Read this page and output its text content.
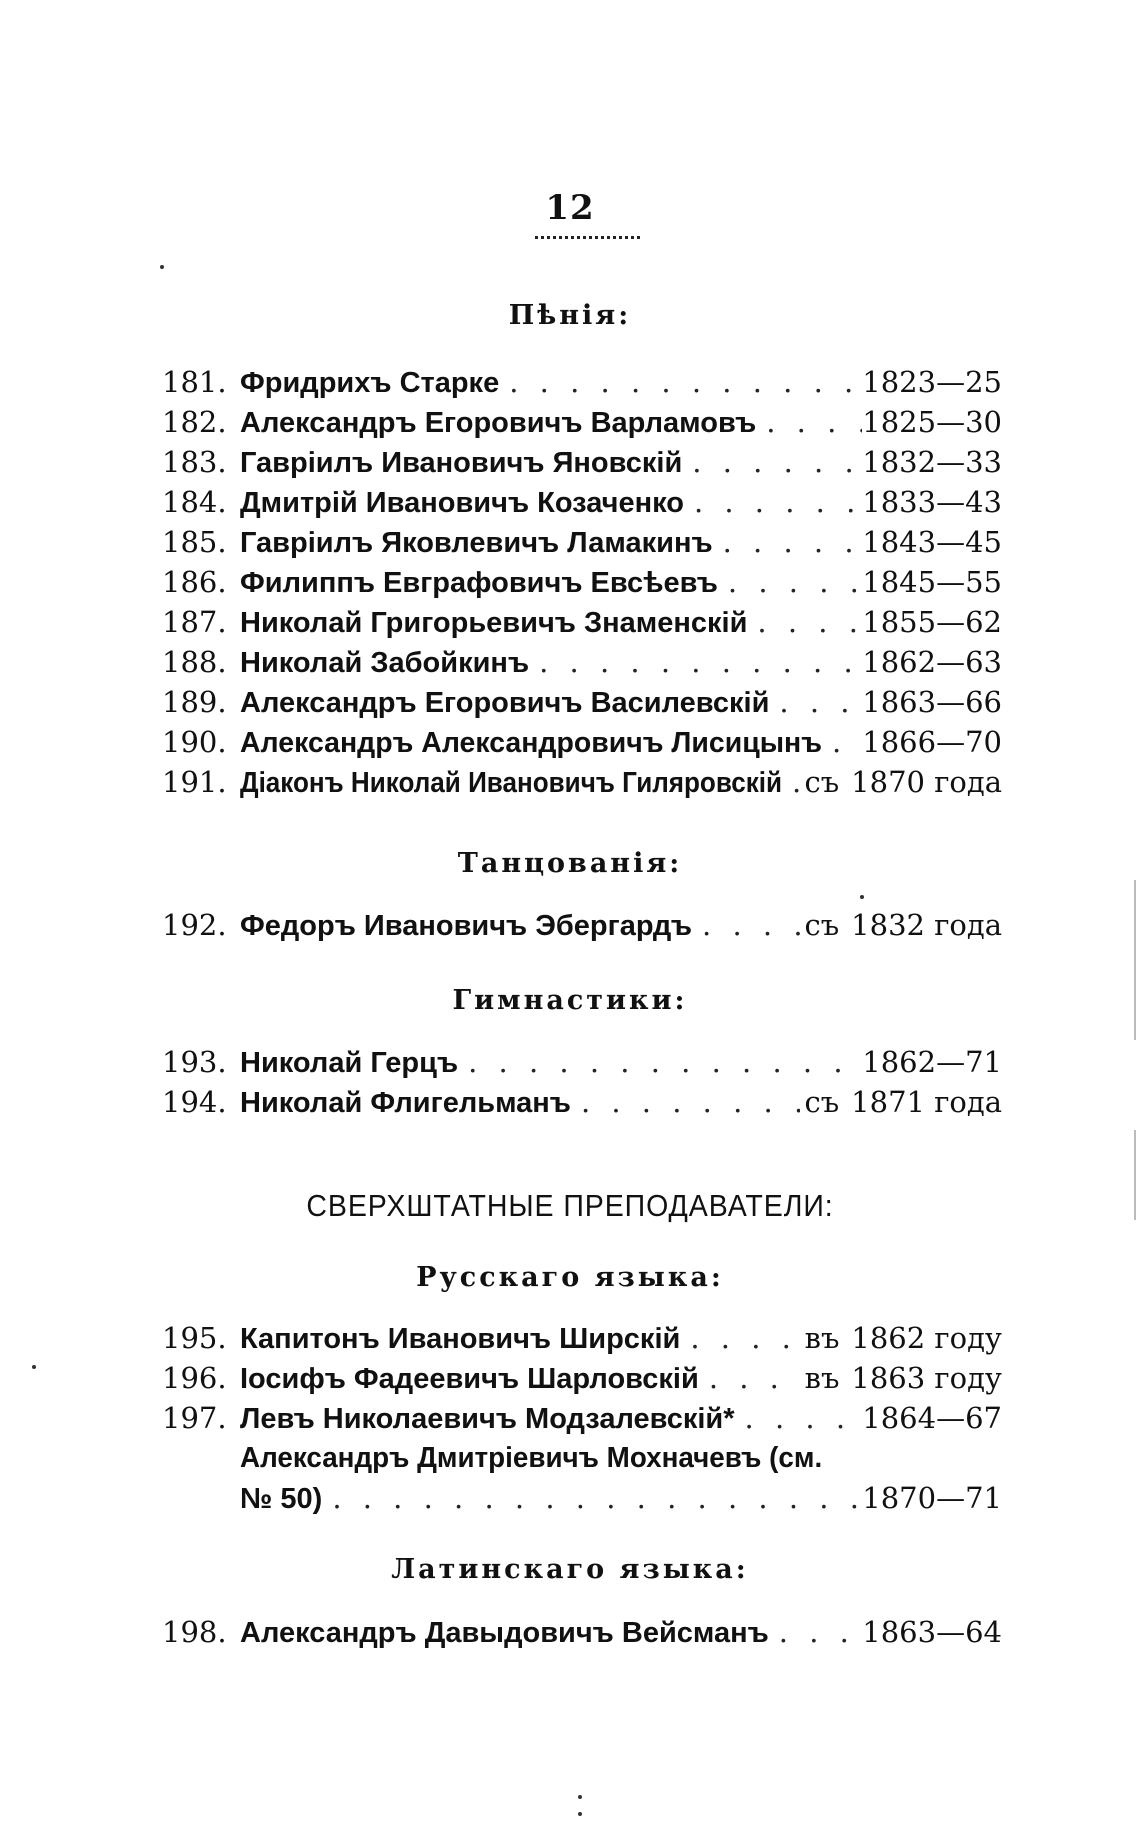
12
Пѣнія:
181. Фридрихъ Старке . . .	1823—25
182. Александръ Егоровичъ Варламовъ . . .	1825—30
183. Гавріилъ Ивановичъ Яновскій . . .	1832—33
184. Дмитрій Ивановичъ Козаченко . . .	1833—43
185. Гавріилъ Яковлевичъ Ламакинъ . . .	1843—45
186. Филиппъ Евграфовичъ Евсѣевъ . . .	1845—55
187. Николай Григорьевичъ Знаменскій . . .	1855—62
188. Николай Забойкинъ . . .	1862—63
189. Александръ Егоровичъ Василевскій . . .	1863—66
190. Александръ Александровичъ Лисицынъ . . . 1866—70
191. Діаконъ Николай Ивановичъ Гиляровскій . . . съ 1870 года
Танцованія:
192. Федоръ Ивановичъ Эбергардъ . . .	съ 1832 года
Гимнастики:
193. Николай Герцъ . . .	1862—71
194. Николай Флигельманъ . . .	съ 1871 года
СВЕРХШТАТНЫЕ ПРЕПОДАВАТЕЛИ:
Русскаго языка:
195. Капитонъ Ивановичъ Ширскій . . .	въ 1862 году
196. Іосифъ Фадеевичъ Шарловскій . . .	въ 1863 году
197. Левъ Николаевичъ Модзалевскій* . . .	1864—67
Александръ Дмитріевичъ Мохначевъ (см.
№ 50) . . .	1870—71
Латинскаго языка:
198. Александръ Давыдовичъ Вейсманъ . . .	1863—64
